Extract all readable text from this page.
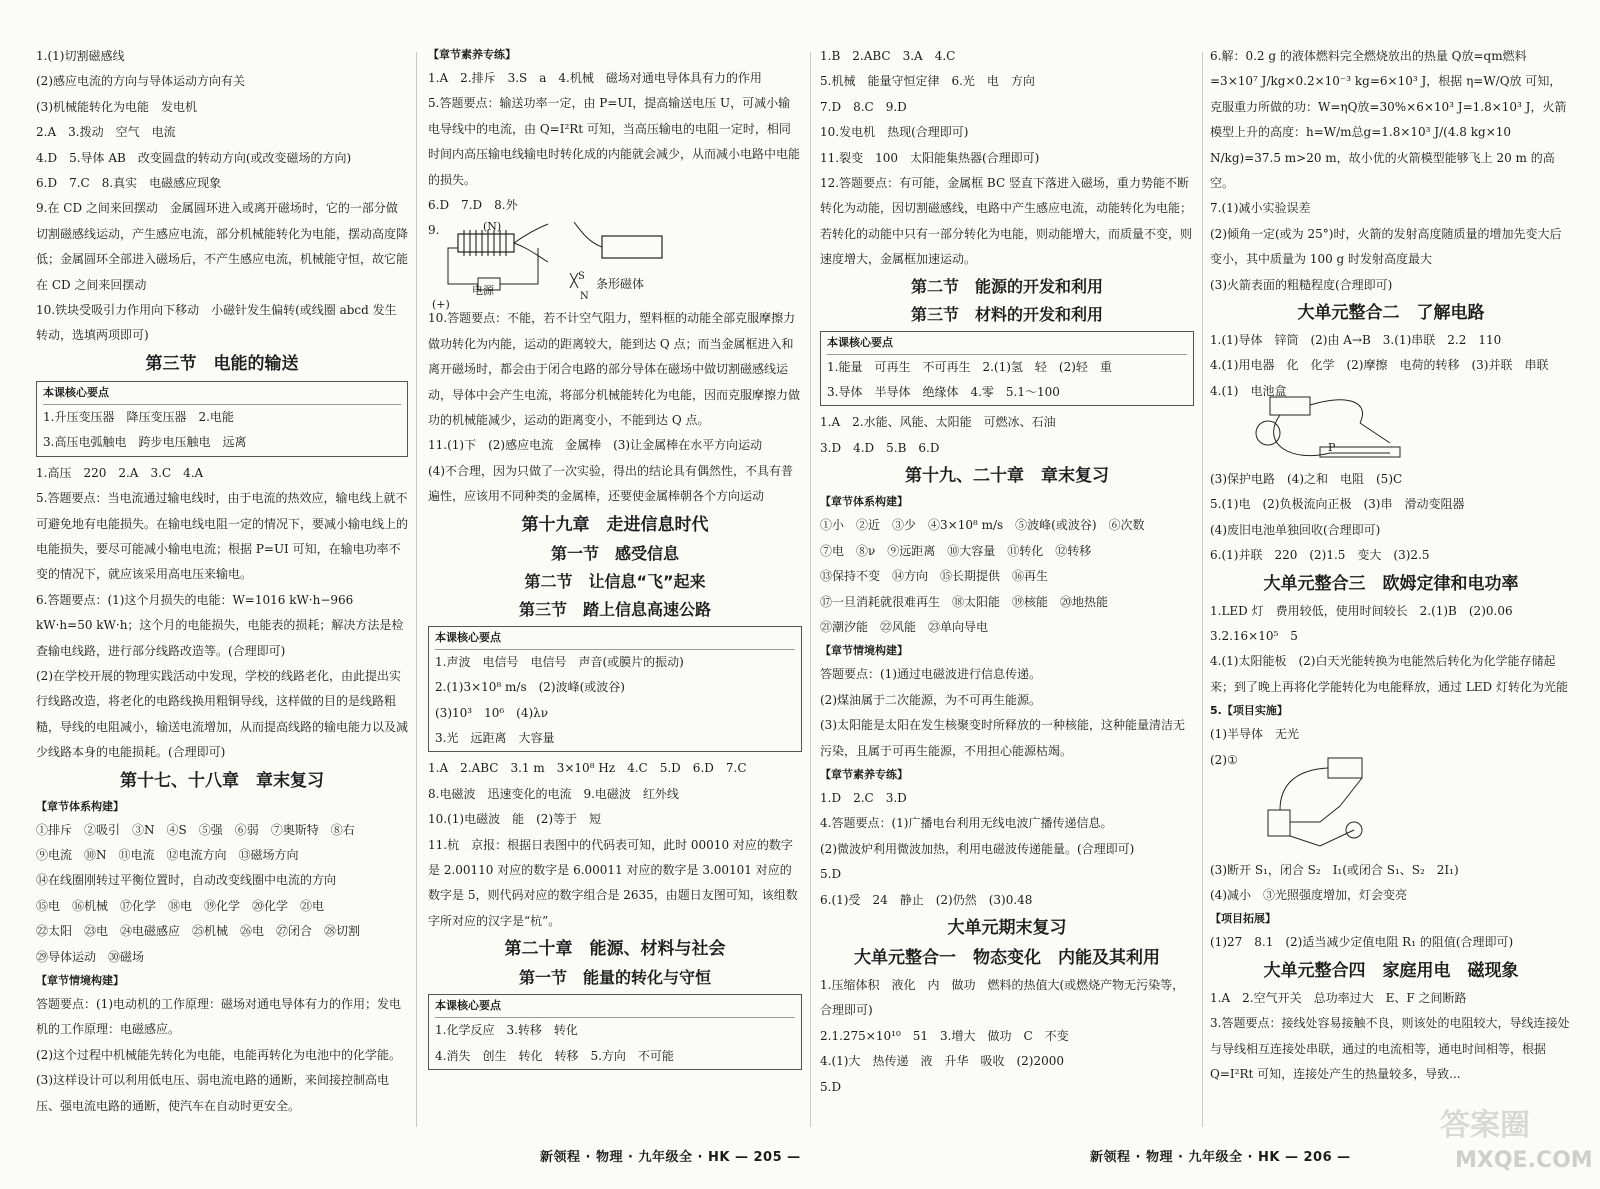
1.(1)切割磁感线
(2)感应电流的方向与导体运动方向有关
(3)机械能转化为电能　发电机
2.A　3.拨动　空气　电流
4.D　5.导体 AB　改变圆盘的转动方向(或改变磁场的方向)
6.D　7.C　8.真实　电磁感应现象
9.在 CD 之间来回摆动　金属圆环进入或离开磁场时，它的一部分做切割磁感线运动，产生感应电流，部分机械能转化为电能，摆动高度降低；金属圆环全部进入磁场后，不产生感应电流，机械能守恒，故它能在 CD 之间来回摆动
10.铁块受吸引力作用向下移动　小磁针发生偏转(或线圈 abcd 发生转动，选填两项即可)
第三节　电能的输送
本课核心要点
1.升压变压器　降压变压器　2.电能
3.高压电弧触电　跨步电压触电　远离
1.高压　220　2.A　3.C　4.A
5.答题要点：当电流通过输电线时，由于电流的热效应，输电线上就不可避免地有电能损失。在输电线电阻一定的情况下，要减小输电线上的电能损失，要尽可能减小输电电流；根据 P=UI 可知，在输电功率不变的情况下，就应该采用高电压来输电。
6.答题要点：(1)这个月损失的电能：W=1016 kW·h−966 kW·h=50 kW·h；这个月的电能损失，电能表的损耗；解决方法是检查输电线路，进行部分线路改造等。(合理即可)
(2)在学校开展的物理实践活动中发现，学校的线路老化，由此提出实行线路改造，将老化的电路线换用粗铜导线，这样做的目的是线路粗糙，导线的电阻减小，输送电流增加，从而提高线路的输电能力以及减少线路本身的电能损耗。(合理即可)
第十七、十八章　章末复习
【章节体系构建】
①排斥　②吸引　③N　④S　⑤强　⑥弱　⑦奥斯特　⑧右
⑨电流　⑩N　⑪电流　⑫电流方向　⑬磁场方向
⑭在线圈刚转过平衡位置时，自动改变线圈中电流的方向
⑮电　⑯机械　⑰化学　⑱电　⑲化学　⑳化学　㉑电
㉒太阳　㉓电　㉔电磁感应　㉕机械　㉖电　㉗闭合　㉘切割
㉙导体运动　㉚磁场
【章节情境构建】
答题要点：(1)电动机的工作原理：磁场对通电导体有力的作用；发电机的工作原理：电磁感应。
(2)这个过程中机械能先转化为电能，电能再转化为电池中的化学能。
(3)这样设计可以利用低电压、弱电流电路的通断，来间接控制高电压、强电流电路的通断，使汽车在自动时更安全。
【章节素养专练】
1.A　2.排斥　3.S　a　4.机械　磁场对通电导体具有力的作用
5.答题要点：输送功率一定，由 P=UI，提高输送电压 U，可减小输电导线中的电流，由 Q=I²Rt 可知，当高压输电的电阻一定时，相同时间内高压输电线输电时转化成的内能就会减少，从而减小电路中电能的损失。
6.D　7.D　8.外
9.	(N)
电源
(+)
条形磁体
S
N
10.答题要点：不能，若不计空气阻力，塑料框的动能全部克服摩擦力做功转化为内能，运动的距离较大，能到达 Q 点；而当金属框进入和离开磁场时，都会由于闭合电路的部分导体在磁场中做切割磁感线运动，导体中会产生电流，将部分机械能转化为电能，因而克服摩擦力做功的机械能减少，运动的距离变小，不能到达 Q 点。
11.(1)下　(2)感应电流　金属棒　(3)让金属棒在水平方向运动
(4)不合理，因为只做了一次实验，得出的结论具有偶然性，不具有普遍性，应该用不同种类的金属棒，还要使金属棒朝各个方向运动
第十九章　走进信息时代
第一节　感受信息
第二节　让信息“飞”起来
第三节　踏上信息高速公路
本课核心要点
1.声波　电信号　电信号　声音(或膜片的振动)
2.(1)3×10⁸ m/s　(2)波峰(或波谷)
(3)10³　10⁶　(4)λν
3.光　远距离　大容量
1.A　2.ABC　3.1 m　3×10⁸ Hz　4.C　5.D　6.D　7.C
8.电磁波　迅速变化的电流　9.电磁波　红外线
10.(1)电磁波　能　(2)等于　短
11.杭　京报：根据日表图中的代码表可知，此时 00010 对应的数字是 2.00110 对应的数字是 6.00011 对应的数字是 3.00101 对应的数字是 5，则代码对应的数字组合是 2635，由题日友图可知，该组数字所对应的汉字是“杭”。
第二十章　能源、材料与社会
第一节　能量的转化与守恒
本课核心要点
1.化学反应　3.转移　转化
4.消失　创生　转化　转移　5.方向　不可能
1.B　2.ABC　3.A　4.C
5.机械　能量守恒定律　6.光　电　方向
7.D　8.C　9.D
10.发电机　热现(合理即可)
11.裂变　100　太阳能集热器(合理即可)
12.答题要点：有可能，金属框 BC 竖直下落进入磁场，重力势能不断转化为动能，因切割磁感线，电路中产生感应电流，动能转化为电能；若转化的动能中只有一部分转化为电能，则动能增大，而质量不变，则速度增大，金属框加速运动。
第二节　能源的开发和利用
第三节　材料的开发和利用
本课核心要点
1.能量　可再生　不可再生　2.(1)氢　轻　(2)轻　重
3.导体　半导体　绝缘体　4.零　5.1～100
1.A　2.水能、风能、太阳能　可燃冰、石油
3.D　4.D　5.B　6.D
第十九、二十章　章末复习
【章节体系构建】
①小　②近　③少　④3×10⁸ m/s　⑤波峰(或波谷)　⑥次数
⑦电　⑧ν　⑨远距离　⑩大容量　⑪转化　⑫转移
⑬保持不变　⑭方向　⑮长期提供　⑯再生
⑰一旦消耗就很难再生　⑱太阳能　⑲核能　⑳地热能
㉑潮汐能　㉒风能　㉓单向导电
【章节情境构建】
答题要点：(1)通过电磁波进行信息传递。
(2)煤油属于二次能源，为不可再生能源。
(3)太阳能是太阳在发生核聚变时所释放的一种核能，这种能量清洁无污染，且属于可再生能源，不用担心能源枯竭。
【章节素养专练】
1.D　2.C　3.D
4.答题要点：(1)广播电台利用无线电波广播传递信息。
(2)微波炉利用微波加热，利用电磁波传递能量。(合理即可)
5.D
6.(1)受　24　静止　(2)仍然　(3)0.48
大单元期末复习
大单元整合一　物态变化　内能及其利用
1.压缩体积　液化　内　做功　燃料的热值大(或燃烧产物无污染等，合理即可)
2.1.275×10¹⁰　51　3.增大　做功　C　不变
4.(1)大　热传递　液　升华　吸收　(2)2000
5.D
6.解：0.2 g 的液体燃料完全燃烧放出的热量 Q放=qm燃料=3×10⁷ J/kg×0.2×10⁻³ kg=6×10³ J，根据 η=W/Q放 可知，克服重力所做的功：W=ηQ放=30%×6×10³ J=1.8×10³ J，火箭模型上升的高度：h=W/m总g=1.8×10³ J/(4.8 kg×10 N/kg)=37.5 m>20 m，故小优的火箭模型能够飞上 20 m 的高空。
7.(1)减小实验误差
(2)倾角一定(或为 25°)时，火箭的发射高度随质量的增加先变大后变小，其中质量为 100 g 时发射高度最大
(3)火箭表面的粗糙程度(合理即可)
大单元整合二　了解电路
1.(1)导体　锌筒　(2)由 A→B　3.(1)串联　2.2　110
4.(1)用电器　化　化学　(2)摩擦　电荷的转移　(3)并联　串联
4.(1)　电池盒
P
(3)保护电路　(4)之和　电阻　(5)C
5.(1)电　(2)负极流向正极　(3)串　滑动变阻器
(4)废旧电池单独回收(合理即可)
6.(1)并联　220　(2)1.5　变大　(3)2.5
大单元整合三　欧姆定律和电功率
1.LED 灯　费用较低，使用时间较长　2.(1)B　(2)0.06
3.2.16×10⁵　5
4.(1)太阳能板　(2)白天光能转换为电能然后转化为化学能存储起来；到了晚上再将化学能转化为电能释放，通过 LED 灯转化为光能
5.【项目实施】
(1)半导体　无光
(2)①
(3)断开 S₁，闭合 S₂　I₁(或闭合 S₁、S₂　2I₁)
(4)减小　③光照强度增加，灯会变亮
【项目拓展】
(1)27　8.1　(2)适当减少定值电阻 R₁ 的阻值(合理即可)
大单元整合四　家庭用电　磁现象
1.A　2.空气开关　总功率过大　E、F 之间断路
3.答题要点：接线处容易接触不良，则该处的电阻较大，导线连接处与导线相互连接处串联，通过的电流相等，通电时间相等，根据 Q=I²Rt 可知，连接处产生的热量较多，导致...
新领程 · 物理 · 九年级全 · HK — 205 —	新领程 · 物理 · 九年级全 · HK — 206 —
答案圈
MXQE.COM
